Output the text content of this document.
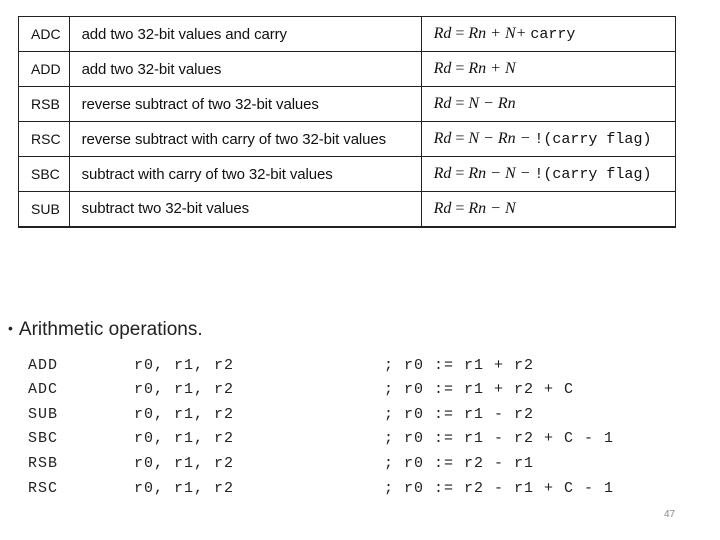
ADC	add two 32-bit values and carry	Rd = Rn + N+ carry
ADD	add two 32-bit values	Rd = Rn + N
RSB	reverse subtract of two 32-bit values	Rd = N − Rn
RSC	reverse subtract with carry of two 32-bit values	Rd = N − Rn − !(carry flag)
SBC	subtract with carry of two 32-bit values	Rd = Rn − N − !(carry flag)
SUB	subtract two 32-bit values	Rd = Rn − N
• Arithmetic operations.
ADD	r0, r1, r2	; r0 := r1 + r2
ADC	r0, r1, r2	; r0 := r1 + r2 + C
SUB	r0, r1, r2	; r0 := r1 - r2
SBC	r0, r1, r2	; r0 := r1 - r2 + C - 1
RSB	r0, r1, r2	; r0 := r2 - r1
RSC	r0, r1, r2	; r0 := r2 - r1 + C - 1
47
